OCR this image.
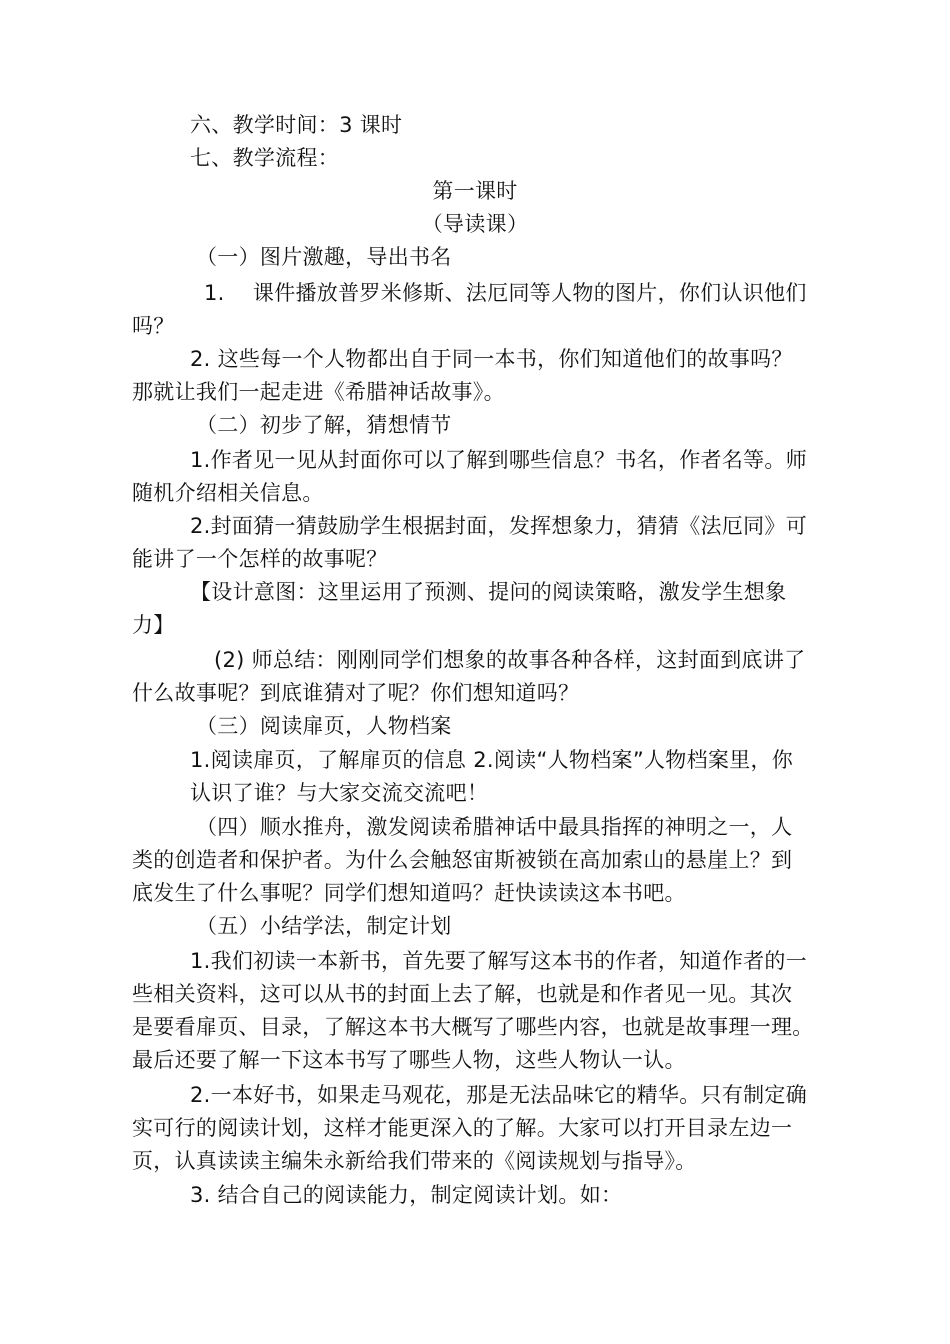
六、教学时间：3 课时

七、教学流程：

第一课时

（导读课）

（一）图片激趣，导出书名

1.　 课件播放普罗米修斯、法厄同等人物的图片，你们认识他们

吗？

2. 这些每一个人物都出自于同一本书，你们知道他们的故事吗？

那就让我们一起走进《希腊神话故事》。

（二）初步了解，猜想情节

1.作者见一见从封面你可以了解到哪些信息？书名，作者名等。师

随机介绍相关信息。

2.封面猜一猜鼓励学生根据封面，发挥想象力，猜猜《法厄同》可

能讲了一个怎样的故事呢？

【设计意图：这里运用了预测、提问的阅读策略，激发学生想象

力】

(2) 师总结：刚刚同学们想象的故事各种各样，这封面到底讲了

什么故事呢？到底谁猜对了呢？你们想知道吗？

（三）阅读扉页，人物档案

1.阅读扉页，了解扉页的信息 2.阅读“人物档案”人物档案里，你

认识了谁？与大家交流交流吧！

（四）顺水推舟，激发阅读希腊神话中最具指挥的神明之一，人

类的创造者和保护者。为什么会触怒宙斯被锁在高加索山的悬崖上？到

底发生了什么事呢？同学们想知道吗？赶快读读这本书吧。

（五）小结学法，制定计划

1.我们初读一本新书，首先要了解写这本书的作者，知道作者的一

些相关资料，这可以从书的封面上去了解，也就是和作者见一见。其次

是要看扉页、目录，了解这本书大概写了哪些内容，也就是故事理一理。

最后还要了解一下这本书写了哪些人物，这些人物认一认。

2.一本好书，如果走马观花，那是无法品味它的精华。只有制定确

实可行的阅读计划，这样才能更深入的了解。大家可以打开目录左边一

页，认真读读主编朱永新给我们带来的《阅读规划与指导》。

3. 结合自己的阅读能力，制定阅读计划。如：
